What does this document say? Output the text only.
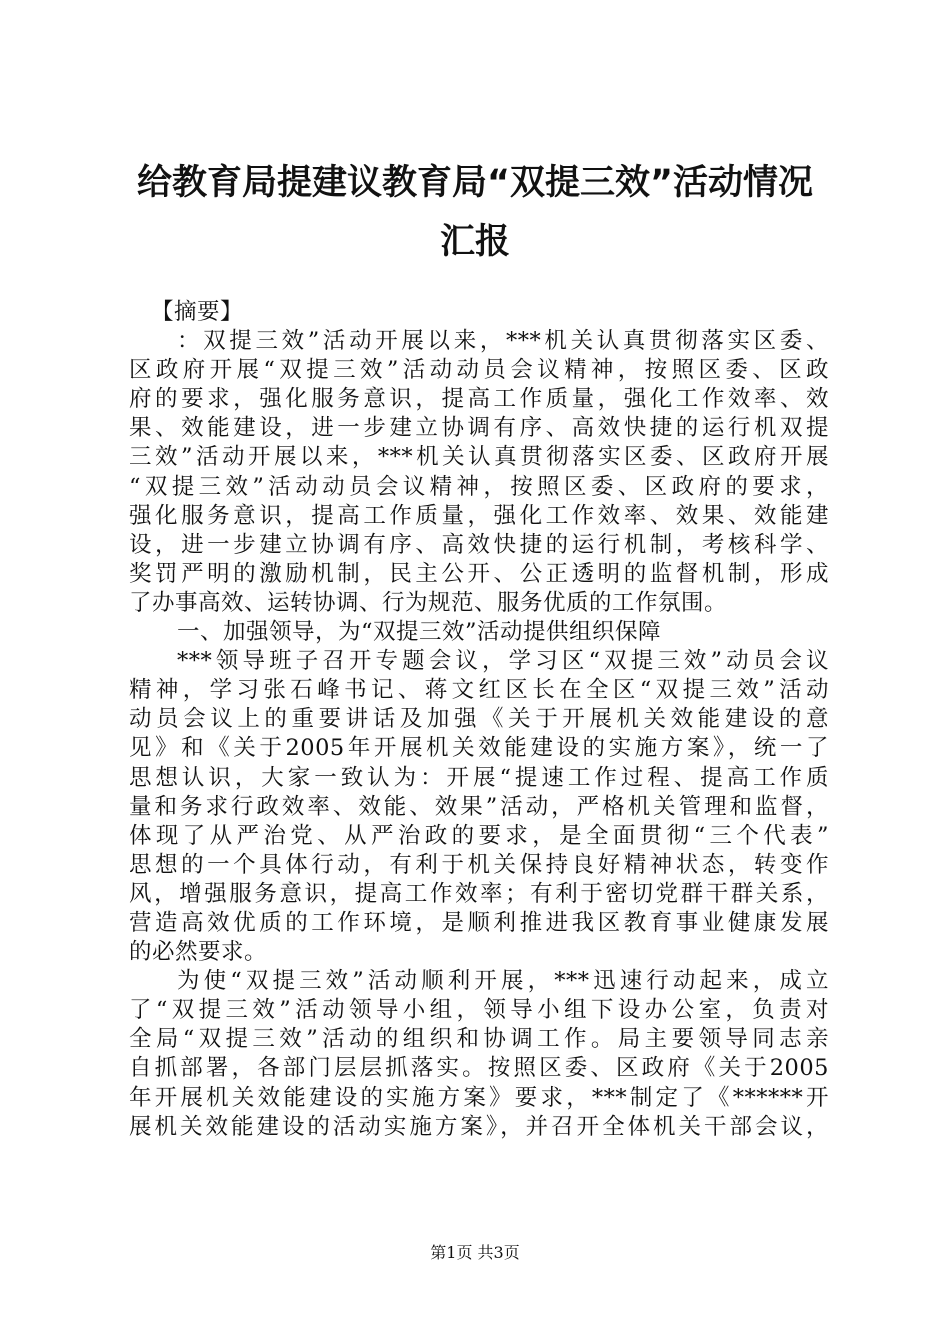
给教育局提建议教育局“双提三效”活动情况
汇报
【摘要】
：双提三效”活动开展以来，***机关认真贯彻落实区委、
区政府开展“双提三效”活动动员会议精神，按照区委、区政
府的要求，强化服务意识，提高工作质量，强化工作效率、效
果、效能建设，进一步建立协调有序、高效快捷的运行机双提
三效”活动开展以来，***机关认真贯彻落实区委、区政府开展
“双提三效”活动动员会议精神，按照区委、区政府的要求，
强化服务意识，提高工作质量，强化工作效率、效果、效能建
设，进一步建立协调有序、高效快捷的运行机制，考核科学、
奖罚严明的激励机制，民主公开、公正透明的监督机制，形成
了办事高效、运转协调、行为规范、服务优质的工作氛围。
一、加强领导，为“双提三效”活动提供组织保障
***领导班子召开专题会议，学习区“双提三效”动员会议
精神，学习张石峰书记、蒋文红区长在全区“双提三效”活动
动员会议上的重要讲话及加强《关于开展机关效能建设的意
见》和《关于2005年开展机关效能建设的实施方案》，统一了
思想认识，大家一致认为：开展“提速工作过程、提高工作质
量和务求行政效率、效能、效果”活动，严格机关管理和监督，
体现了从严治党、从严治政的要求，是全面贯彻“三个代表”
思想的一个具体行动，有利于机关保持良好精神状态，转变作
风，增强服务意识，提高工作效率；有利于密切党群干群关系，
营造高效优质的工作环境，是顺利推进我区教育事业健康发展
的必然要求。
为使“双提三效”活动顺利开展，***迅速行动起来，成立
了“双提三效”活动领导小组，领导小组下设办公室，负责对
全局“双提三效”活动的组织和协调工作。局主要领导同志亲
自抓部署，各部门层层抓落实。按照区委、区政府《关于2005
年开展机关效能建设的实施方案》要求，***制定了《******开
展机关效能建设的活动实施方案》，并召开全体机关干部会议，
第1页 共3页
